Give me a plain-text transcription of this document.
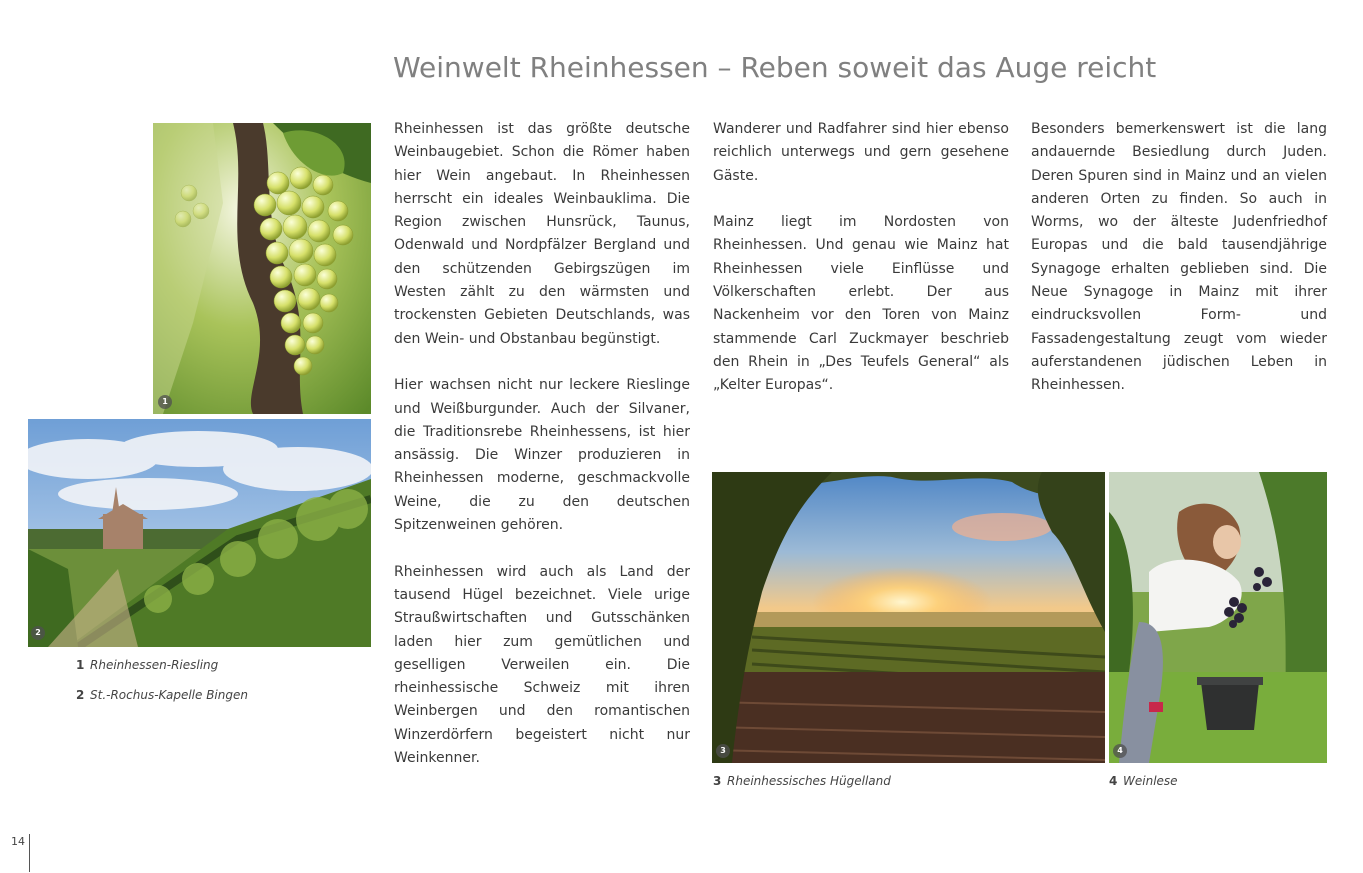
Weinwelt Rheinhessen – Reben soweit das Auge reicht
1
2
1 Rheinhessen-Riesling
2 St.-Rochus-Kapelle Bingen

Rheinhessen ist das größte deutsche Weinbaugebiet. Schon die Römer haben hier Wein angebaut. In Rheinhessen herrscht ein ideales Weinbauklima. Die Region zwischen Hunsrück, Taunus, Odenwald und Nordpfälzer Bergland und den schützenden Gebirgszügen im Westen zählt zu den wärmsten und trockensten Gebieten Deutschlands, was den Wein- und Obstanbau begünstigt.

Hier wachsen nicht nur leckere Rieslinge und Weißburgunder. Auch der Silvaner, die Traditionsrebe Rheinhessens, ist hier ansässig. Die Winzer produzieren in Rheinhessen moderne, geschmackvolle Weine, die zu den deutschen Spitzenweinen gehören.

Rheinhessen wird auch als Land der tausend Hügel bezeichnet. Viele urige Straußwirtschaften und Gutsschänken laden hier zum gemütlichen und geselligen Verweilen ein. Die rheinhessische Schweiz mit ihren Weinbergen und den romantischen Winzerdörfern begeistert nicht nur Weinkenner.

Wanderer und Radfahrer sind hier ebenso reichlich unterwegs und gern gesehene Gäste.

Mainz liegt im Nordosten von Rheinhessen. Und genau wie Mainz hat Rheinhessen viele Einflüsse und Völkerschaften erlebt. Der aus Nackenheim vor den Toren von Mainz stammende Carl Zuckmayer beschrieb den Rhein in „Des Teufels General“ als „Kelter Europas“.

Besonders bemerkenswert ist die lang andauernde Besiedlung durch Juden. Deren Spuren sind in Mainz und an vielen anderen Orten zu finden. So auch in Worms, wo der älteste Judenfriedhof Europas und die bald tausendjährige Synagoge erhalten geblieben sind. Die Neue Synagoge in Mainz mit ihrer eindrucksvollen Form- und Fassadengestaltung zeugt vom wieder auferstandenen jüdischen Leben in Rheinhessen.

3	4
3 Rheinhessisches Hügelland	4 Weinlese
14
